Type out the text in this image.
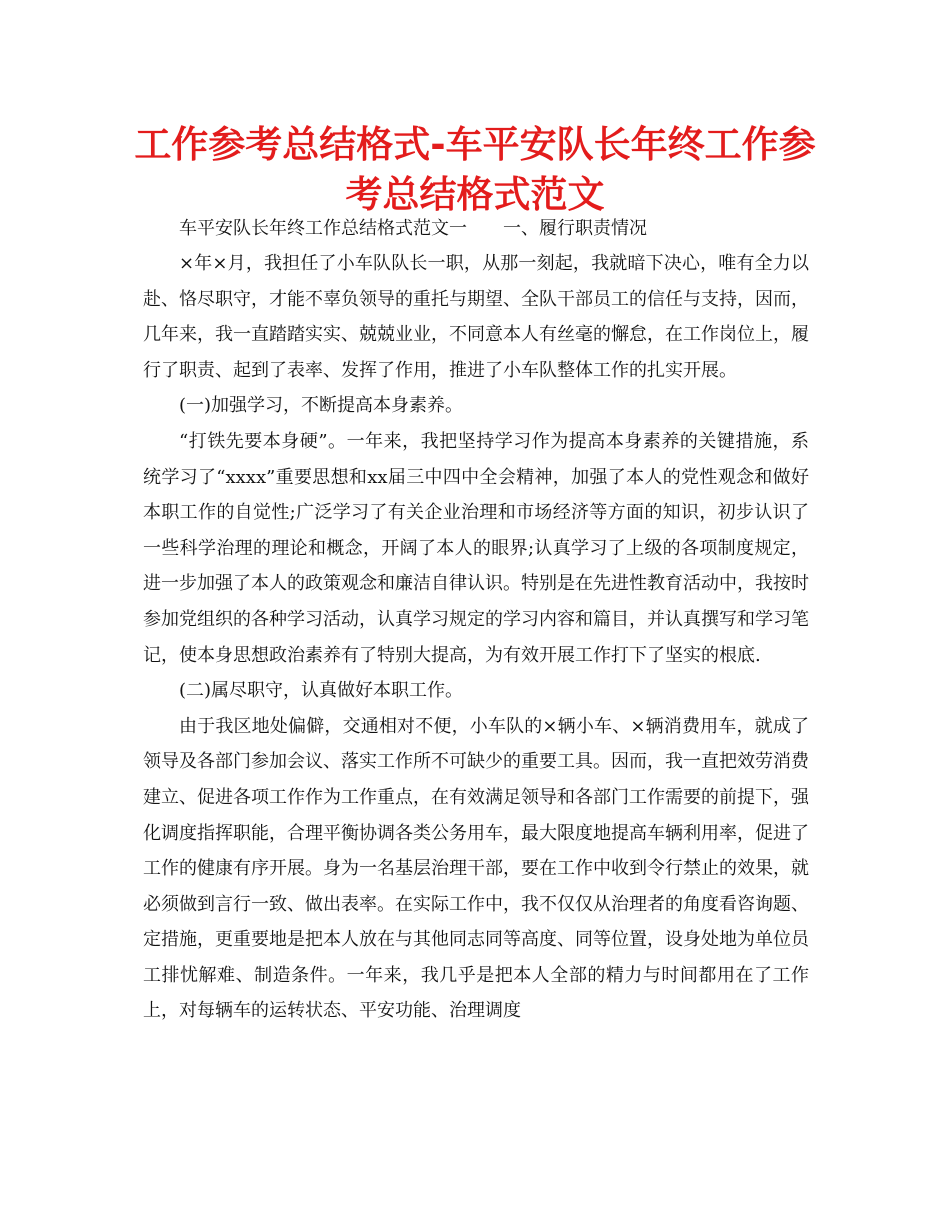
工作参考总结格式-车平安队长年终工作参考总结格式范文

车平安队长年终工作总结格式范文一　　一、履行职责情况

×年×月，我担任了小车队队长一职，从那一刻起，我就暗下决心，唯有全力以赴、恪尽职守，才能不辜负领导的重托与期望、全队干部员工的信任与支持，因而，几年来，我一直踏踏实实、兢兢业业，不同意本人有丝毫的懈怠，在工作岗位上，履行了职责、起到了表率、发挥了作用，推进了小车队整体工作的扎实开展。

(一)加强学习，不断提高本身素养。

“打铁先要本身硬”。一年来，我把坚持学习作为提高本身素养的关键措施，系统学习了“xxxx”重要思想和xx届三中四中全会精神，加强了本人的党性观念和做好本职工作的自觉性;广泛学习了有关企业治理和市场经济等方面的知识，初步认识了一些科学治理的理论和概念，开阔了本人的眼界;认真学习了上级的各项制度规定，进一步加强了本人的政策观念和廉洁自律认识。特别是在先进性教育活动中，我按时参加党组织的各种学习活动，认真学习规定的学习内容和篇目，并认真撰写和学习笔记，使本身思想政治素养有了特别大提高，为有效开展工作打下了坚实的根底.

(二)属尽职守，认真做好本职工作。

由于我区地处偏僻，交通相对不便，小车队的×辆小车、×辆消费用车，就成了领导及各部门参加会议、落实工作所不可缺少的重要工具。因而，我一直把效劳消费建立、促进各项工作作为工作重点，在有效满足领导和各部门工作需要的前提下，强化调度指挥职能，合理平衡协调各类公务用车，最大限度地提高车辆利用率，促进了工作的健康有序开展。身为一名基层治理干部，要在工作中收到令行禁止的效果，就必须做到言行一致、做出表率。在实际工作中，我不仅仅从治理者的角度看咨询题、定措施，更重要地是把本人放在与其他同志同等高度、同等位置，设身处地为单位员工排忧解难、制造条件。一年来，我几乎是把本人全部的精力与时间都用在了工作上，对每辆车的运转状态、平安功能、治理调度
